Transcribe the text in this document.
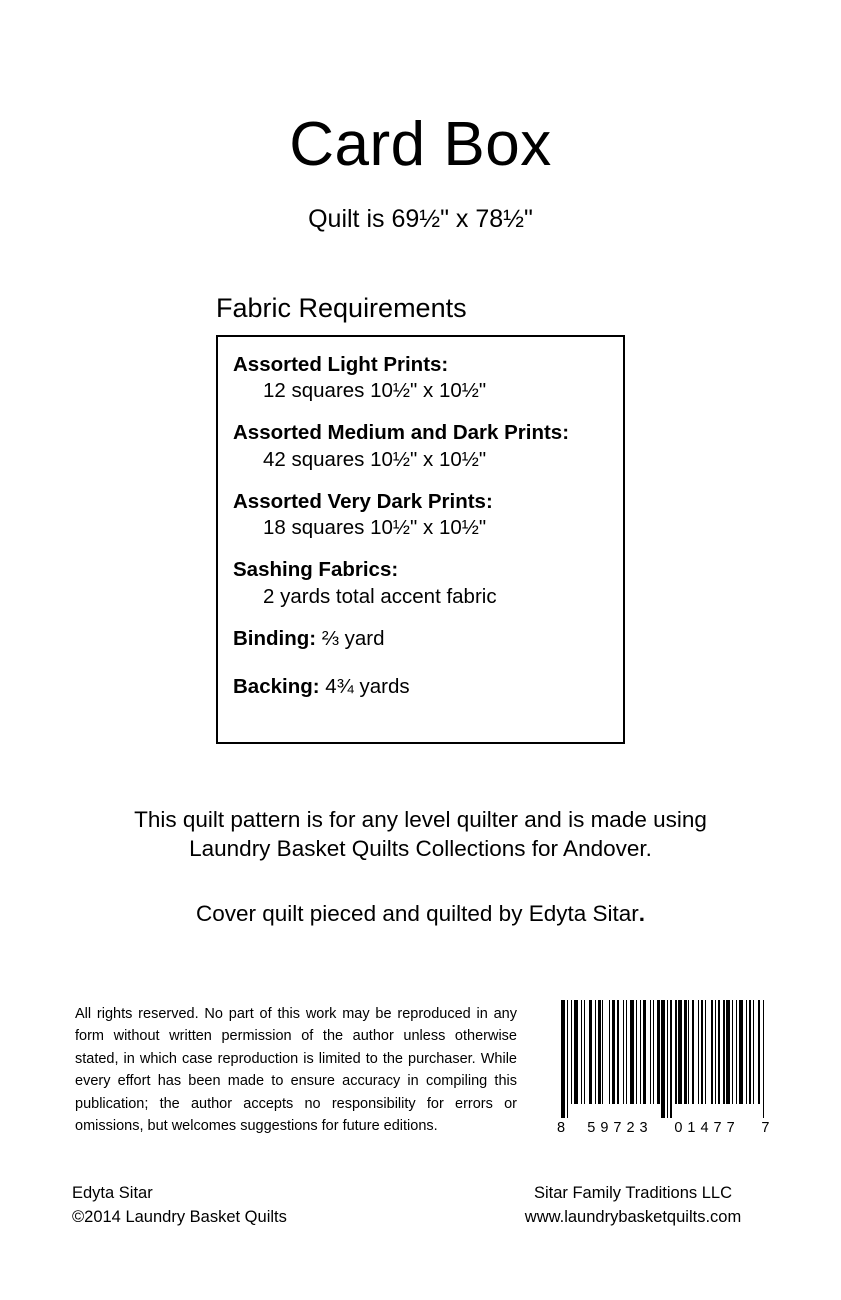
Card Box
Quilt is 69½" x 78½"
Fabric Requirements
Assorted Light Prints:
12 squares 10½" x 10½"
Assorted Medium and Dark Prints:
42 squares 10½" x 10½"
Assorted Very Dark Prints:
18 squares 10½" x 10½"
Sashing Fabrics:
2 yards total accent fabric
Binding: ⅔ yard
Backing: 4¾ yards
This quilt pattern is for any level quilter and is made using
Laundry Basket Quilts Collections for Andover.
Cover quilt pieced and quilted by Edyta Sitar.
All rights reserved. No part of this work may be reproduced in any form without written permission of the author unless otherwise stated, in which case reproduction is limited to the purchaser. While every effort has been made to ensure accuracy in compiling this publication; the author accepts no responsibility for errors or omissions, but welcomes suggestions for future editions.
Edyta Sitar
©2014 Laundry Basket Quilts
Sitar Family Traditions LLC
www.laundrybasketquilts.com
8 59723 01477 7
